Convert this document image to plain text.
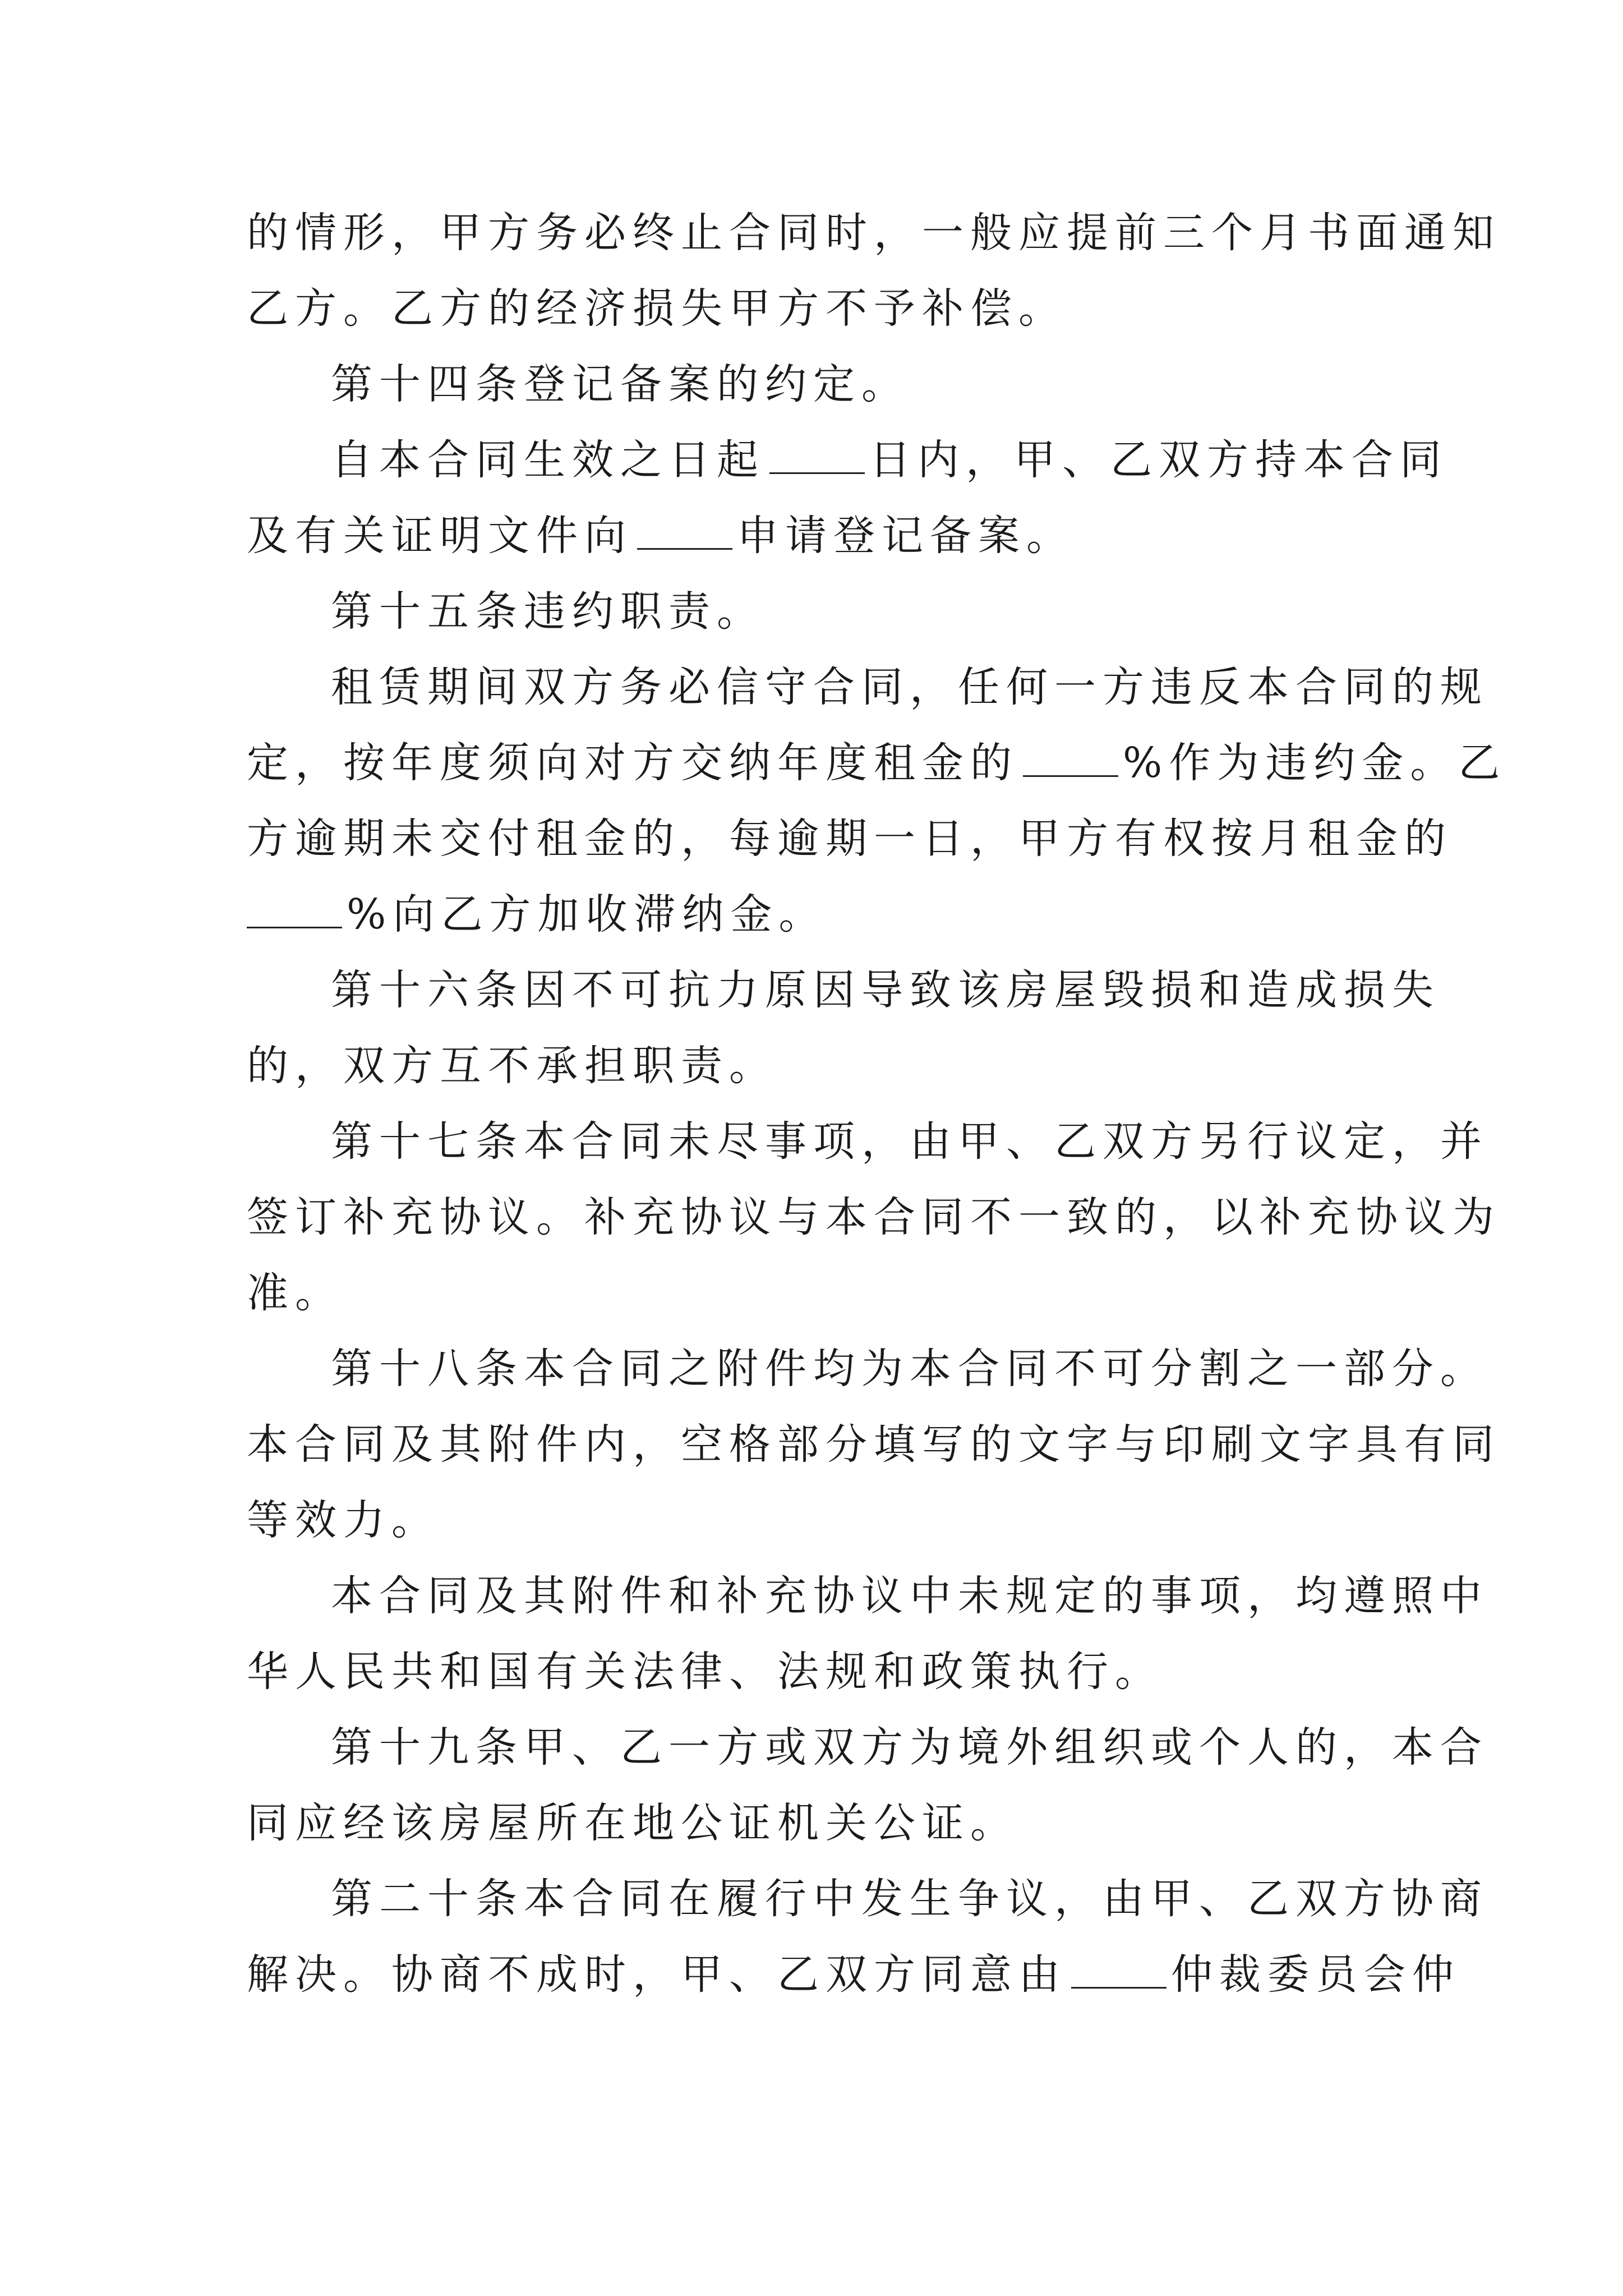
的情形，甲方务必终止合同时，一般应提前三个月书面通知
乙方。乙方的经济损失甲方不予补偿。
第十四条登记备案的约定。
自本合同生效之日起	日内，甲、乙双方持本合同
及有关证明文件向	申请登记备案。
第十五条违约职责。
租赁期间双方务必信守合同，任何一方违反本合同的规
定，按年度须向对方交纳年度租金的	%作为违约金。乙
方逾期未交付租金的，每逾期一日，甲方有权按月租金的
%向乙方加收滞纳金。
第十六条因不可抗力原因导致该房屋毁损和造成损失
的，双方互不承担职责。
第十七条本合同未尽事项，由甲、乙双方另行议定，并
签订补充协议。补充协议与本合同不一致的，以补充协议为
准。
第十八条本合同之附件均为本合同不可分割之一部分。
本合同及其附件内，空格部分填写的文字与印刷文字具有同
等效力。
本合同及其附件和补充协议中未规定的事项，均遵照中
华人民共和国有关法律、法规和政策执行。
第十九条甲、乙一方或双方为境外组织或个人的，本合
同应经该房屋所在地公证机关公证。
第二十条本合同在履行中发生争议，由甲、乙双方协商
解决。协商不成时，甲、乙双方同意由	仲裁委员会仲
